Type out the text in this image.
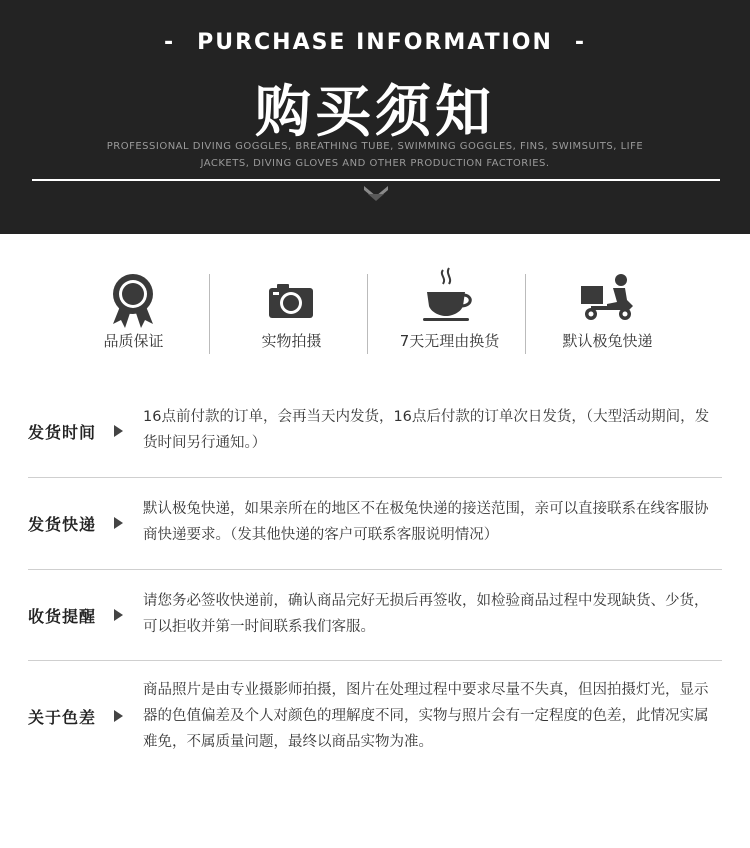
- PURCHASE INFORMATION -
购买须知
PROFESSIONAL DIVING GOGGLES, BREATHING TUBE, SWIMMING GOGGLES, FINS, SWIMSUITS, LIFE
JACKETS, DIVING GLOVES AND OTHER PRODUCTION FACTORIES.
品质保证	实物拍摄	7天无理由换货	默认极兔快递
发货时间
16点前付款的订单，会再当天内发货，16点后付款的订单次日发货，（大型活动期间，发货时间另行通知。）
发货快递
默认极兔快递，如果亲所在的地区不在极兔快递的接送范围，亲可以直接联系在线客服协商快递要求。（发其他快递的客户可联系客服说明情况）
收货提醒
请您务必签收快递前，确认商品完好无损后再签收，如检验商品过程中发现缺货、少货，可以拒收并第一时间联系我们客服。
关于色差
商品照片是由专业摄影师拍摄，图片在处理过程中要求尽量不失真，但因拍摄灯光，显示器的色值偏差及个人对颜色的理解度不同，实物与照片会有一定程度的色差，此情况实属难免，不属质量问题，最终以商品实物为准。
